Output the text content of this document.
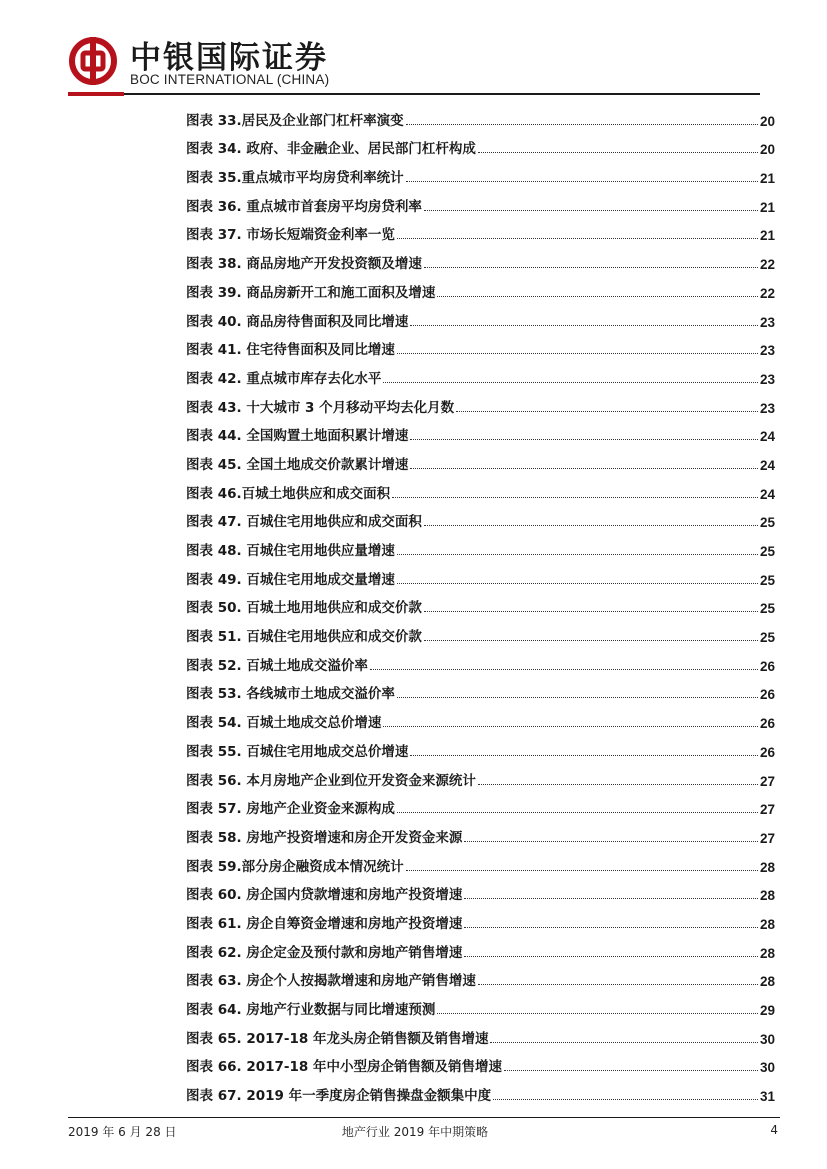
中银国际证券
BOC INTERNATIONAL (CHINA)
图表 33.居民及企业部门杠杆率演变	20
图表 34. 政府、非金融企业、居民部门杠杆构成	20
图表 35.重点城市平均房贷利率统计	21
图表 36. 重点城市首套房平均房贷利率	21
图表 37. 市场长短端资金利率一览	21
图表 38. 商品房地产开发投资额及增速	22
图表 39. 商品房新开工和施工面积及增速	22
图表 40. 商品房待售面积及同比增速	23
图表 41. 住宅待售面积及同比增速	23
图表 42. 重点城市库存去化水平	23
图表 43. 十大城市 3 个月移动平均去化月数	23
图表 44. 全国购置土地面积累计增速	24
图表 45. 全国土地成交价款累计增速	24
图表 46.百城土地供应和成交面积	24
图表 47. 百城住宅用地供应和成交面积	25
图表 48. 百城住宅用地供应量增速	25
图表 49. 百城住宅用地成交量增速	25
图表 50. 百城土地用地供应和成交价款	25
图表 51. 百城住宅用地供应和成交价款	25
图表 52. 百城土地成交溢价率	26
图表 53. 各线城市土地成交溢价率	26
图表 54. 百城土地成交总价增速	26
图表 55. 百城住宅用地成交总价增速	26
图表 56. 本月房地产企业到位开发资金来源统计	27
图表 57. 房地产企业资金来源构成	27
图表 58. 房地产投资增速和房企开发资金来源	27
图表 59.部分房企融资成本情况统计	28
图表 60. 房企国内贷款增速和房地产投资增速	28
图表 61. 房企自筹资金增速和房地产投资增速	28
图表 62. 房企定金及预付款和房地产销售增速	28
图表 63. 房企个人按揭款增速和房地产销售增速	28
图表 64. 房地产行业数据与同比增速预测	29
图表 65. 2017-18 年龙头房企销售额及销售增速	30
图表 66. 2017-18 年中小型房企销售额及销售增速	30
图表 67. 2019 年一季度房企销售操盘金额集中度	31
2019 年 6 月 28 日	地产行业 2019 年中期策略	4
